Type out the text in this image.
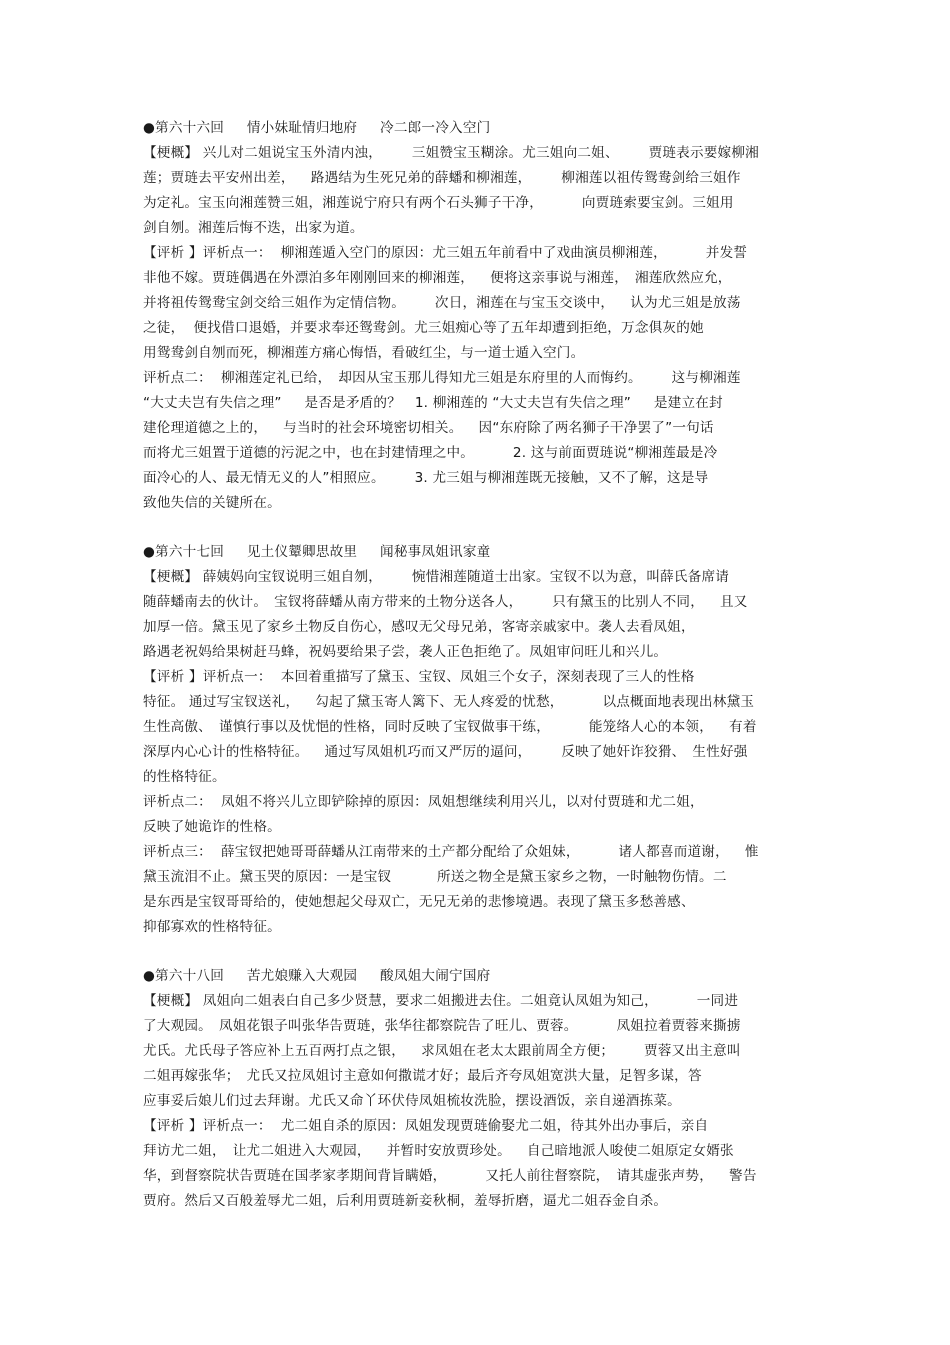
●第六十六回　  情小妹耻情归地府　  冷二郎一冷入空门
【梗概】 兴儿对二姐说宝玉外清内浊，　  　三姐赞宝玉糊涂。尤三姐向二姐、　  　贾琏表示要嫁柳湘
莲；贾琏去平安州出差，　  路遇结为生死兄弟的薛蟠和柳湘莲，　  　柳湘莲以祖传鸳鸯剑给三姐作
为定礼。宝玉向湘莲赞三姐，湘莲说宁府只有两个石头狮子干净，　  　  向贾琏索要宝剑。三姐用
剑自刎。湘莲后悔不迭，出家为道。
【评析 】评析点一：  柳湘莲遁入空门的原因：尤三姐五年前看中了戏曲演员柳湘莲，　  　  并发誓
非他不嫁。贾琏偶遇在外漂泊多年刚刚回来的柳湘莲，　  便将这亲事说与湘莲，　湘莲欣然应允，
并将祖传鸳鸯宝剑交给三姐作为定情信物。　  　次日，湘莲在与宝玉交谈中，　  认为尤三姐是放荡
之徒，  便找借口退婚，并要求奉还鸳鸯剑。尤三姐痴心等了五年却遭到拒绝，万念俱灰的她
用鸳鸯剑自刎而死，柳湘莲方痛心悔悟，看破红尘，与一道士遁入空门。
评析点二：  柳湘莲定礼已给，　却因从宝玉那儿得知尤三姐是东府里的人而悔约。　  　这与柳湘莲
“大丈夫岂有失信之理”　  是否是矛盾的？　1. 柳湘莲的 “大丈夫岂有失信之理”　  是建立在封
建伦理道德之上的，　  与当时的社会环境密切相关。　  因“东府除了两名狮子干净罢了”一句话
而将尤三姐置于道德的污泥之中，也在封建情理之中。　  　  2. 这与前面贾琏说“柳湘莲最是冷
面冷心的人、最无情无义的人”相照应。　  　3. 尤三姐与柳湘莲既无接触，又不了解，这是导
致他失信的关键所在。
●第六十七回　  见土仪颦卿思故里　  闻秘事凤姐讯家童
【梗概】 薛姨妈向宝钗说明三姐自刎，　  　惋惜湘莲随道士出家。宝钗不以为意，叫薛氏备席请
随薛蟠南去的伙计。　宝钗将薛蟠从南方带来的土物分送各人，　  　只有黛玉的比别人不同，　  且又
加厚一倍。黛玉见了家乡土物反自伤心，感叹无父母兄弟，客寄亲戚家中。袭人去看凤姐，
路遇老祝妈给果树赶马蜂，祝妈要给果子尝，袭人正色拒绝了。凤姐审问旺儿和兴儿。
【评析 】评析点一：  本回着重描写了黛玉、宝钗、凤姐三个女子，深刻表现了三人的性格
特征。 通过写宝钗送礼，　  勾起了黛玉寄人篱下、无人疼爱的忧愁，　  　  以点概面地表现出林黛玉
生性高傲、　谨慎行事以及忧悒的性格，同时反映了宝钗做事干练，　  　  能笼络人心的本领，　  有着
深厚内心心计的性格特征。　  通过写凤姐机巧而又严厉的逼问，　  　反映了她奸诈狡猾、　生性好强
的性格特征。
评析点二：  凤姐不将兴儿立即铲除掉的原因：凤姐想继续利用兴儿，以对付贾琏和尤二姐，
反映了她诡诈的性格。
评析点三：  薛宝钗把她哥哥薛蟠从江南带来的土产都分配给了众姐妹，　  　  诸人都喜而道谢，　  惟
黛玉流泪不止。黛玉哭的原因：一是宝钗　  　  所送之物全是黛玉家乡之物，一时触物伤情。二
是东西是宝钗哥哥给的，使她想起父母双亡，无兄无弟的悲惨境遇。表现了黛玉多愁善感、
抑郁寡欢的性格特征。
●第六十八回　  苦尤娘赚入大观园　  酸凤姐大闹宁国府
【梗概】 凤姐向二姐表白自己多少贤慧，要求二姐搬进去住。二姐竟认凤姐为知己，　  　  一同进
了大观园。　凤姐花银子叫张华告贾琏，张华往都察院告了旺儿、贾蓉。　  　  凤姐拉着贾蓉来撕掳
尤氏。尤氏母子答应补上五百两打点之银，　  求凤姐在老太太跟前周全方便；　  　贾蓉又出主意叫
二姐再嫁张华；　尤氏又拉凤姐讨主意如何撒谎才好；最后齐夸凤姐宽洪大量，足智多谋，答
应事妥后娘儿们过去拜谢。尤氏又命丫环伏侍凤姐梳妆洗脸，摆设酒饭，亲自递酒拣菜。
【评析 】评析点一：  尤二姐自杀的原因：凤姐发现贾琏偷娶尤二姐，待其外出办事后，亲自
拜访尤二姐，　让尤二姐进入大观园，　  并暂时安放贾珍处。　  自己暗地派人唆使二姐原定女婿张
华，到督察院状告贾琏在国孝家孝期间背旨瞒婚，　  　  又托人前往督察院，　请其虚张声势，　  警告
贾府。然后又百般羞辱尤二姐，后利用贾琏新妾秋桐，羞辱折磨，逼尤二姐吞金自杀。
